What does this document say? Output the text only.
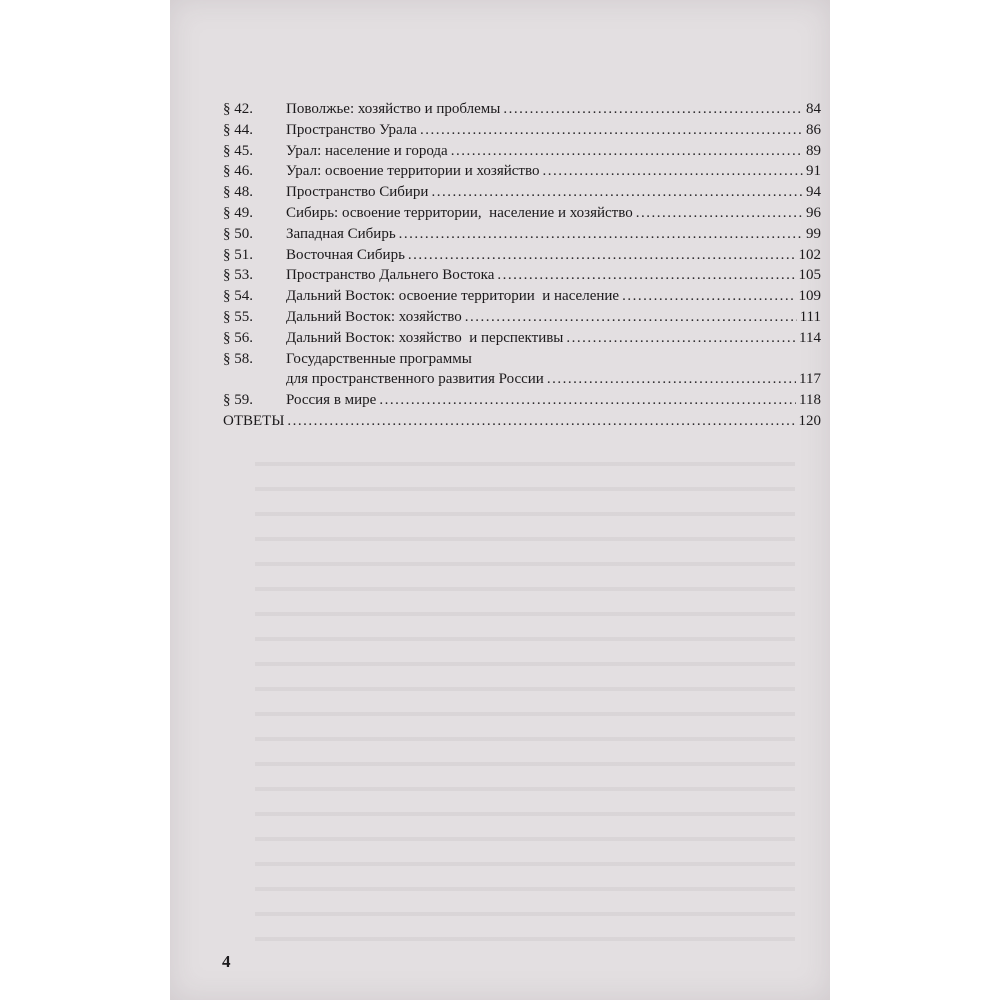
§ 42.	Поволжье: хозяйство и проблемы .....	84
§ 44.	Пространство Урала .....	86
§ 45.	Урал: население и города .....	89
§ 46.	Урал: освоение территории и хозяйство .....	91
§ 48.	Пространство Сибири .....	94
§ 49.	Сибирь: освоение территории,  население и хозяйство .....	96
§ 50.	Западная Сибирь .....	99
§ 51.	Восточная Сибирь .....	102
§ 53.	Пространство Дальнего Востока .....	105
§ 54.	Дальний Восток: освоение территории  и население .....	109
§ 55.	Дальний Восток: хозяйство .....	111
§ 56.	Дальний Восток: хозяйство  и перспективы .....	114
§ 58.	Государственные программы
для пространственного развития России .....	117
§ 59.	Россия в мире .....	118
ОТВЕТЫ .....	120
4
